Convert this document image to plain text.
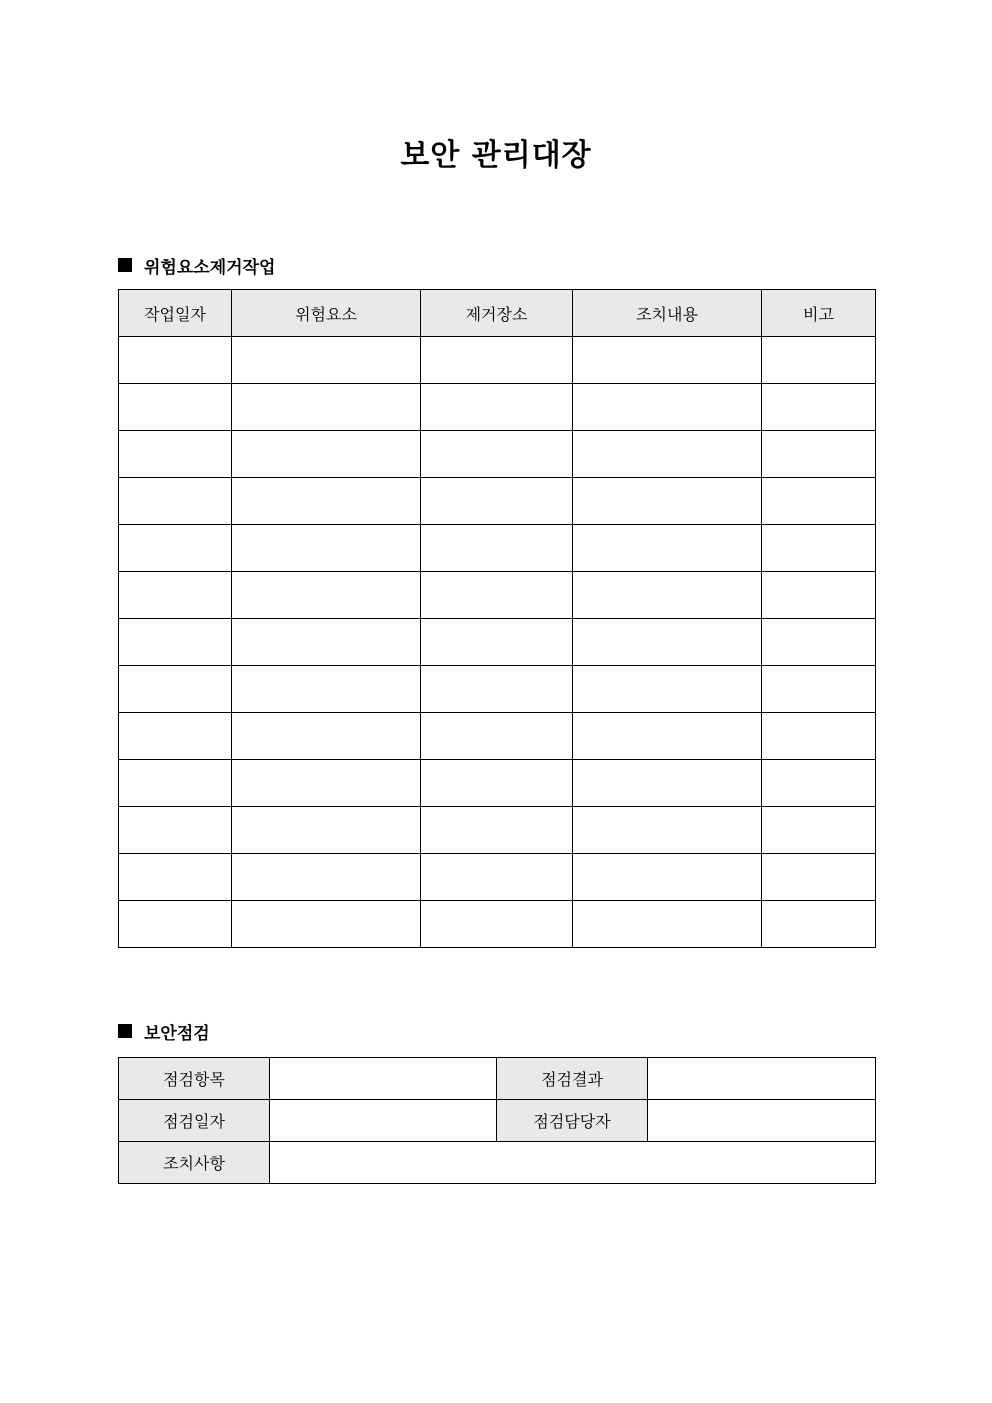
보안 관리대장
위험요소제거작업
작업일자	위험요소	제거장소	조치내용	비고

보안점검
점검항목		점검결과	
점검일자		점검담당자	
조치사항			
